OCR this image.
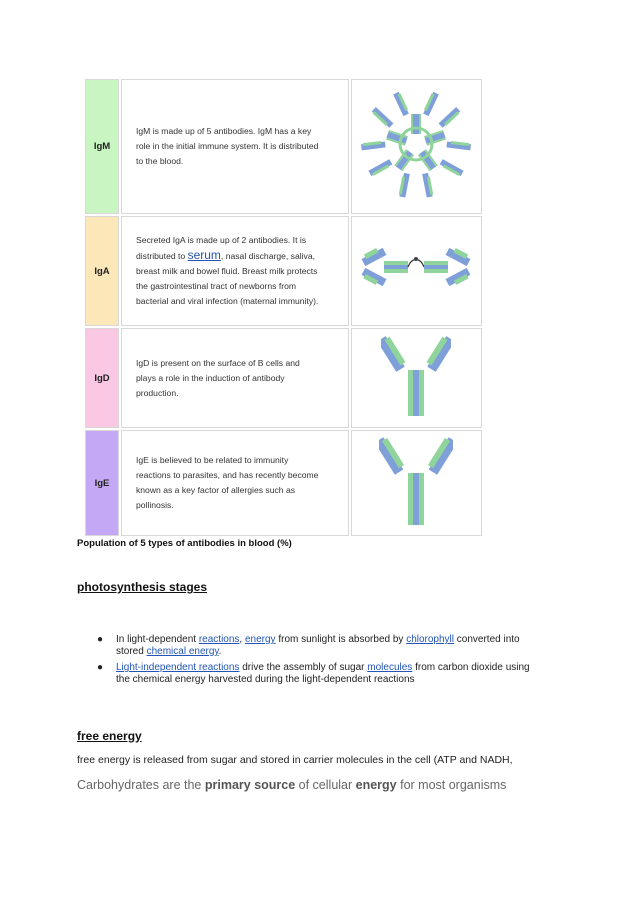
IgM	IgM is made up of 5 antibodies. IgM has a key
role in the initial immune system. It is distributed
to the blood.

IgA	Secreted IgA is made up of 2 antibodies. It is
distributed to serum, nasal discharge, saliva,
breast milk and bowel fluid. Breast milk protects
the gastrointestinal tract of newborns from
bacterial and viral infection (maternal immunity).

IgD	IgD is present on the surface of B cells and
plays a role in the induction of antibody
production.

IgE	IgE is believed to be related to immunity
reactions to parasites, and has recently become
known as a key factor of allergies such as
pollinosis.

Population of 5 types of antibodies in blood (%)
photosynthesis stages
● In light-dependent reactions, energy from sunlight is absorbed by chlorophyll converted into
stored chemical energy.
● Light-independent reactions drive the assembly of sugar molecules from carbon dioxide using
the chemical energy harvested during the light-dependent reactions
free energy
free energy is released from sugar and stored in carrier molecules in the cell (ATP and NADH,
Carbohydrates are the primary source of cellular energy for most organisms
